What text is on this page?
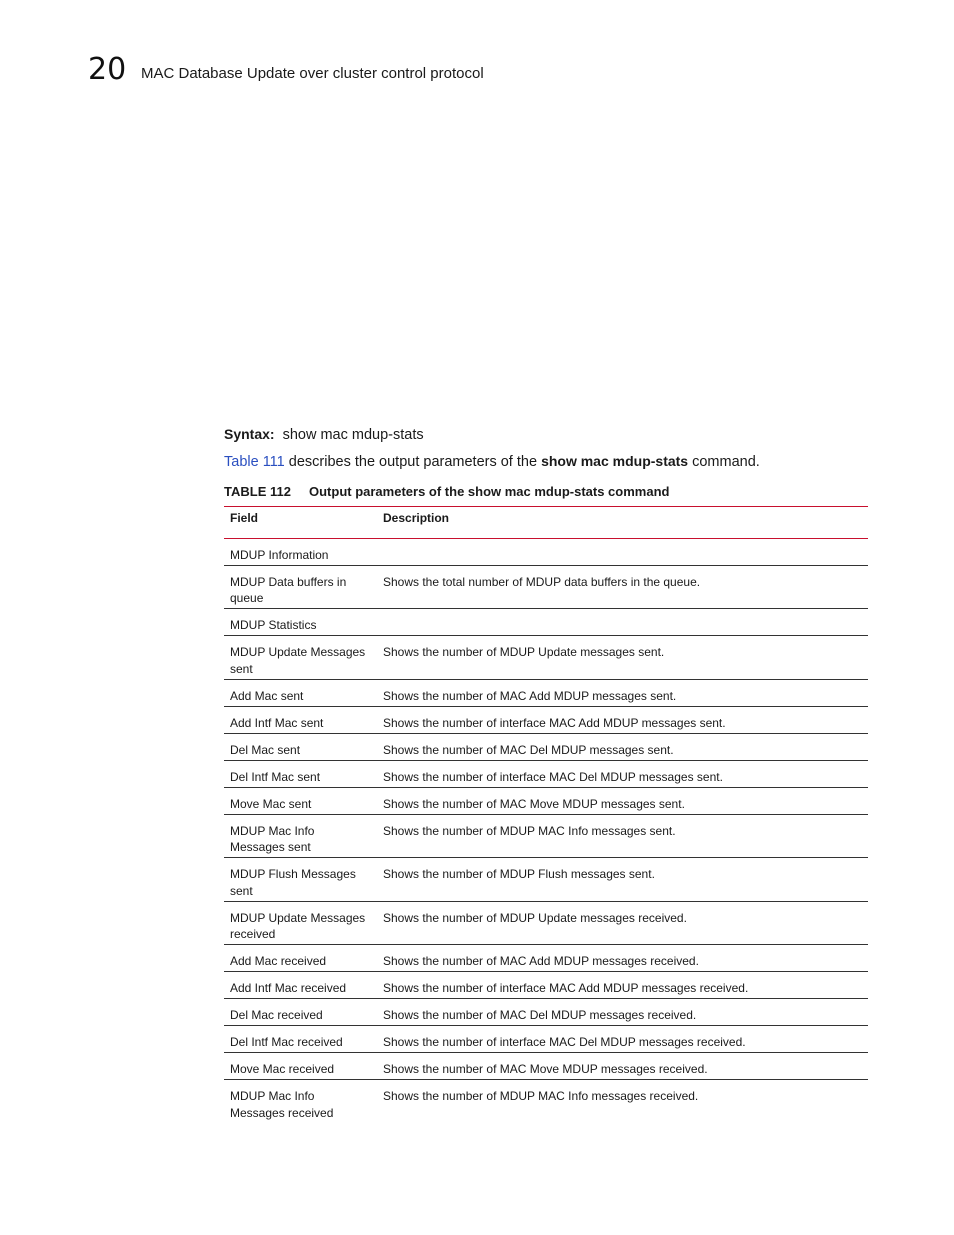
20 MAC Database Update over cluster control protocol
Syntax: show mac mdup-stats
Table 111 describes the output parameters of the show mac mdup-stats command.
TABLE 112 Output parameters of the show mac mdup-stats command
Field	Description
MDUP Information	
MDUP Data buffers in queue	Shows the total number of MDUP data buffers in the queue.
MDUP Statistics	
MDUP Update Messages sent	Shows the number of MDUP Update messages sent.
Add Mac sent	Shows the number of MAC Add MDUP messages sent.
Add Intf Mac sent	Shows the number of interface MAC Add MDUP messages sent.
Del Mac sent	Shows the number of MAC Del MDUP messages sent.
Del Intf Mac sent	Shows the number of interface MAC Del MDUP messages sent.
Move Mac sent	Shows the number of MAC Move MDUP messages sent.
MDUP Mac Info Messages sent	Shows the number of MDUP MAC Info messages sent.
MDUP Flush Messages sent	Shows the number of MDUP Flush messages sent.
MDUP Update Messages received	Shows the number of MDUP Update messages received.
Add Mac received	Shows the number of MAC Add MDUP messages received.
Add Intf Mac received	Shows the number of interface MAC Add MDUP messages received.
Del Mac received	Shows the number of MAC Del MDUP messages received.
Del Intf Mac received	Shows the number of interface MAC Del MDUP messages received.
Move Mac received	Shows the number of MAC Move MDUP messages received.
MDUP Mac Info Messages received	Shows the number of MDUP MAC Info messages received.
